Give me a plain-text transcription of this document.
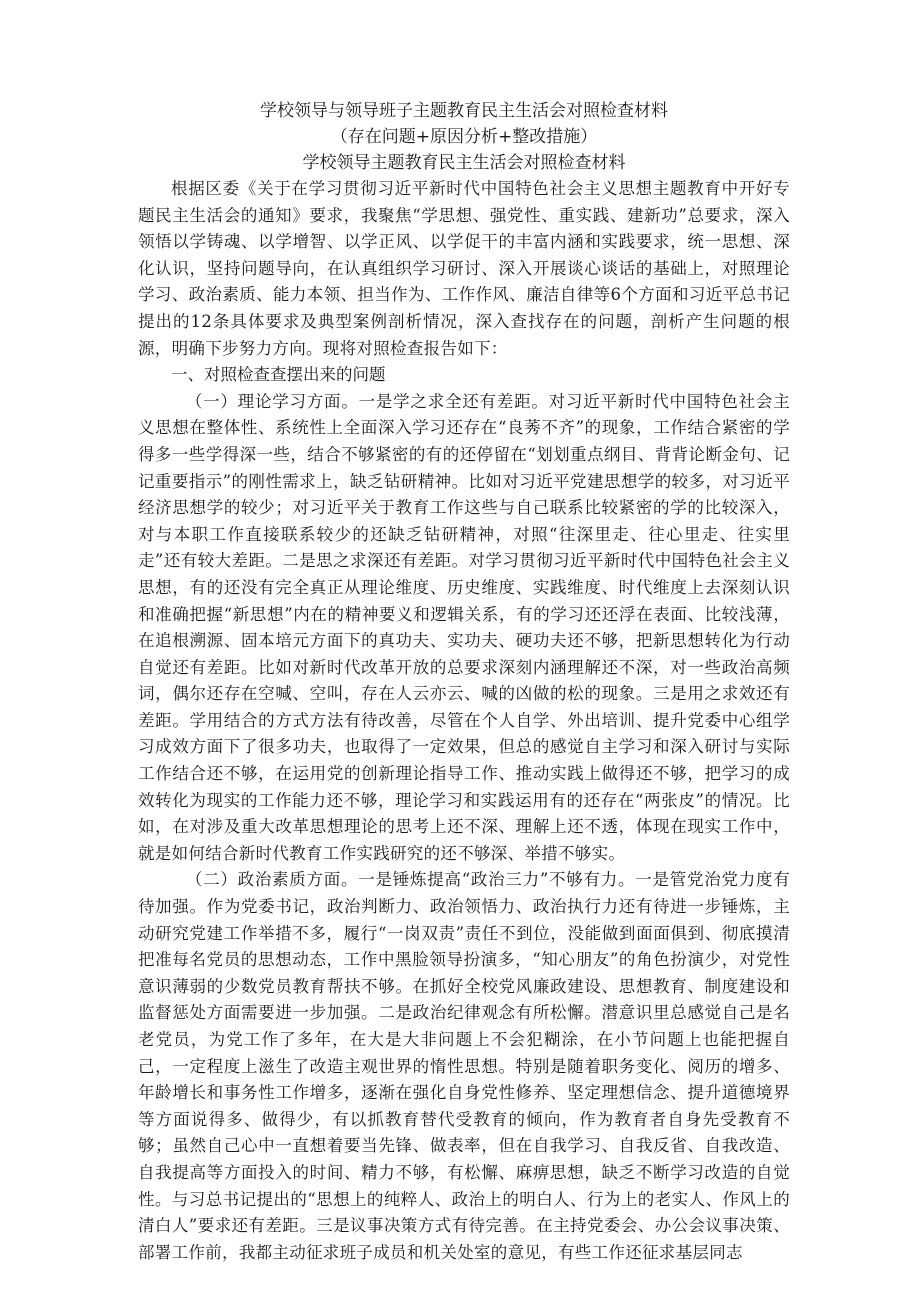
学校领导与领导班子主题教育民主生活会对照检查材料

（存在问题+原因分析+整改措施）

学校领导主题教育民主生活会对照检查材料

根据区委《关于在学习贯彻习近平新时代中国特色社会主义思想主题教育中开好专题民主生活会的通知》要求，我聚焦“学思想、强党性、重实践、建新功”总要求，深入领悟以学铸魂、以学增智、以学正风、以学促干的丰富内涵和实践要求，统一思想、深化认识，坚持问题导向，在认真组织学习研讨、深入开展谈心谈话的基础上，对照理论学习、政治素质、能力本领、担当作为、工作作风、廉洁自律等6个方面和习近平总书记提出的12条具体要求及典型案例剖析情况，深入查找存在的问题，剖析产生问题的根源，明确下步努力方向。现将对照检查报告如下：

一、对照检查查摆出来的问题

（一）理论学习方面。一是学之求全还有差距。对习近平新时代中国特色社会主义思想在整体性、系统性上全面深入学习还存在“良莠不齐”的现象，工作结合紧密的学得多一些学得深一些，结合不够紧密的有的还停留在“划划重点纲目、背背论断金句、记记重要指示”的刚性需求上，缺乏钻研精神。比如对习近平党建思想学的较多，对习近平经济思想学的较少；对习近平关于教育工作这些与自己联系比较紧密的学的比较深入，对与本职工作直接联系较少的还缺乏钻研精神，对照“往深里走、往心里走、往实里走”还有较大差距。二是思之求深还有差距。对学习贯彻习近平新时代中国特色社会主义思想，有的还没有完全真正从理论维度、历史维度、实践维度、时代维度上去深刻认识和准确把握“新思想”内在的精神要义和逻辑关系，有的学习还还浮在表面、比较浅薄，在追根溯源、固本培元方面下的真功夫、实功夫、硬功夫还不够，把新思想转化为行动自觉还有差距。比如对新时代改革开放的总要求深刻内涵理解还不深，对一些政治高频词，偶尔还存在空喊、空叫，存在人云亦云、喊的凶做的松的现象。三是用之求效还有差距。学用结合的方式方法有待改善，尽管在个人自学、外出培训、提升党委中心组学习成效方面下了很多功夫，也取得了一定效果，但总的感觉自主学习和深入研讨与实际工作结合还不够，在运用党的创新理论指导工作、推动实践上做得还不够，把学习的成效转化为现实的工作能力还不够，理论学习和实践运用有的还存在“两张皮”的情况。比如，在对涉及重大改革思想理论的思考上还不深、理解上还不透，体现在现实工作中，就是如何结合新时代教育工作实践研究的还不够深、举措不够实。

（二）政治素质方面。一是锤炼提高“政治三力”不够有力。一是管党治党力度有待加强。作为党委书记，政治判断力、政治领悟力、政治执行力还有待进一步锤炼，主动研究党建工作举措不多，履行“一岗双责”责任不到位，没能做到面面俱到、彻底摸清把准每名党员的思想动态，工作中黑脸领导扮演多，“知心朋友”的角色扮演少，对党性意识薄弱的少数党员教育帮扶不够。在抓好全校党风廉政建设、思想教育、制度建设和监督惩处方面需要进一步加强。二是政治纪律观念有所松懈。潜意识里总感觉自己是名老党员，为党工作了多年，在大是大非问题上不会犯糊涂，在小节问题上也能把握自己，一定程度上滋生了改造主观世界的惰性思想。特别是随着职务变化、阅历的增多、年龄增长和事务性工作增多，逐渐在强化自身党性修养、坚定理想信念、提升道德境界等方面说得多、做得少，有以抓教育替代受教育的倾向，作为教育者自身先受教育不够；虽然自己心中一直想着要当先锋、做表率，但在自我学习、自我反省、自我改造、自我提高等方面投入的时间、精力不够，有松懈、麻痹思想，缺乏不断学习改造的自觉性。与习总书记提出的“思想上的纯粹人、政治上的明白人、行为上的老实人、作风上的清白人”要求还有差距。三是议事决策方式有待完善。在主持党委会、办公会议事决策、部署工作前，我都主动征求班子成员和机关处室的意见，有些工作还征求基层同志
